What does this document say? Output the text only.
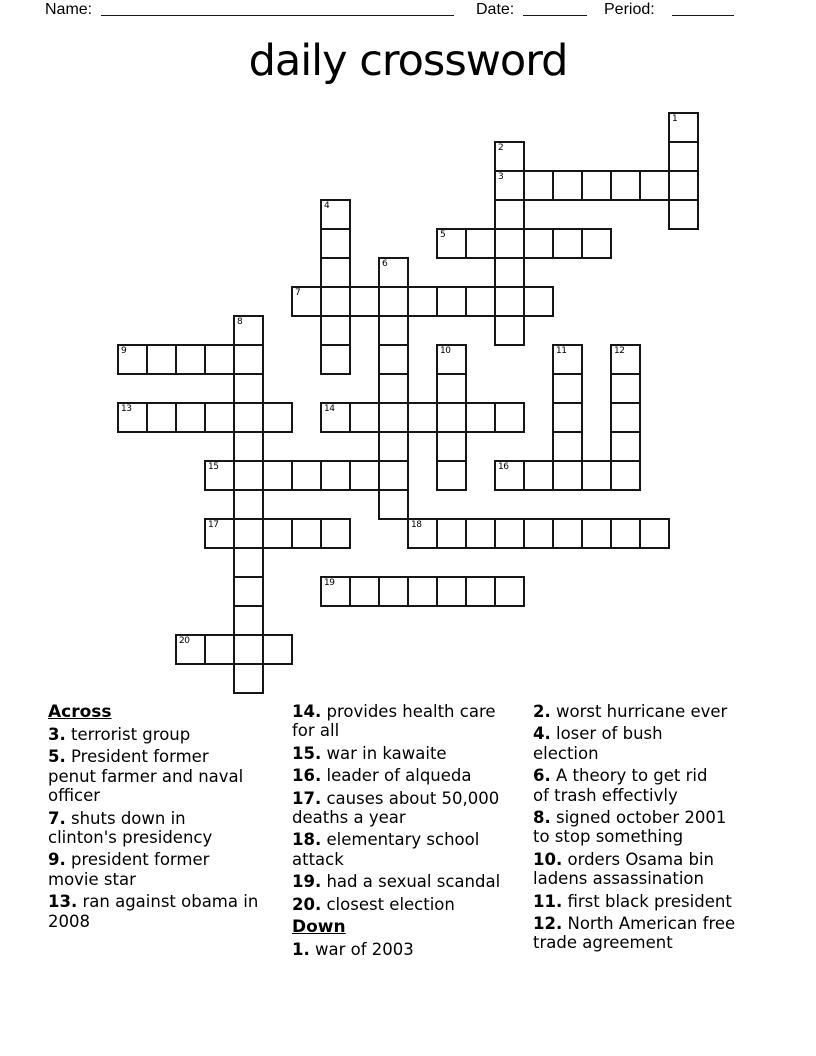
Name:	Date:	Period:
daily crossword
1
2
3
4
5
6
7
8
9	10	11	12
13	14
15	16
17	18
19
20
Across

3. terrorist group

5. President former
penut farmer and naval
officer

7. shuts down in
clinton's presidency

9. president former
movie star

13. ran against obama in
2008

14. provides health care
for all

15. war in kawaite

16. leader of alqueda

17. causes about 50,000
deaths a year

18. elementary school
attack

19. had a sexual scandal

20. closest election

Down

1. war of 2003

2. worst hurricane ever

4. loser of bush
election

6. A theory to get rid
of trash effectivly

8. signed october 2001
to stop something

10. orders Osama bin
ladens assassination

11. first black president

12. North American free
trade agreement
